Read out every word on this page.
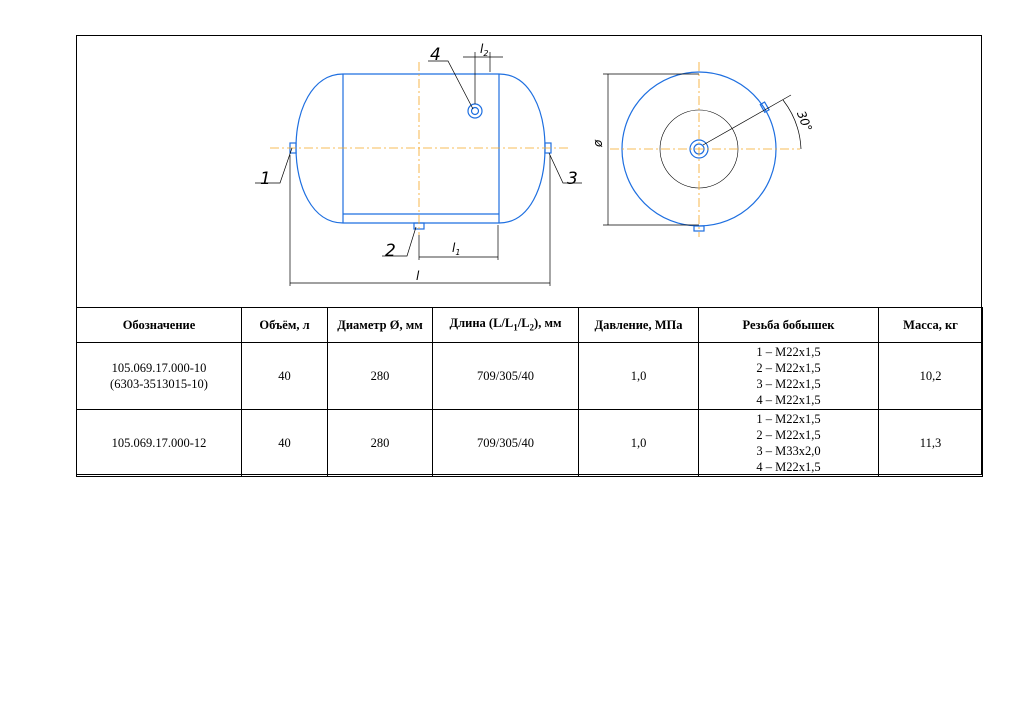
1
2
3
4
l
$l_1$
$l_2$
ø
30°
Обозначение	Объём, л	Диаметр Ø, мм	Длина $(L/L_1/L_2)$, мм	Давление, МПа	Резьба бобышек	Масса, кг
105.069.17.000-10
(6303-3513015-10)	40	280	709/305/40	1,0	1 – М22х1,5
2 – М22х1,5
3 – М22х1,5
4 – М22х1,5	10,2
105.069.17.000-12	40	280	709/305/40	1,0	1 – М22х1,5
2 – М22х1,5
3 – М33х2,0
4 – М22х1,5	11,3
